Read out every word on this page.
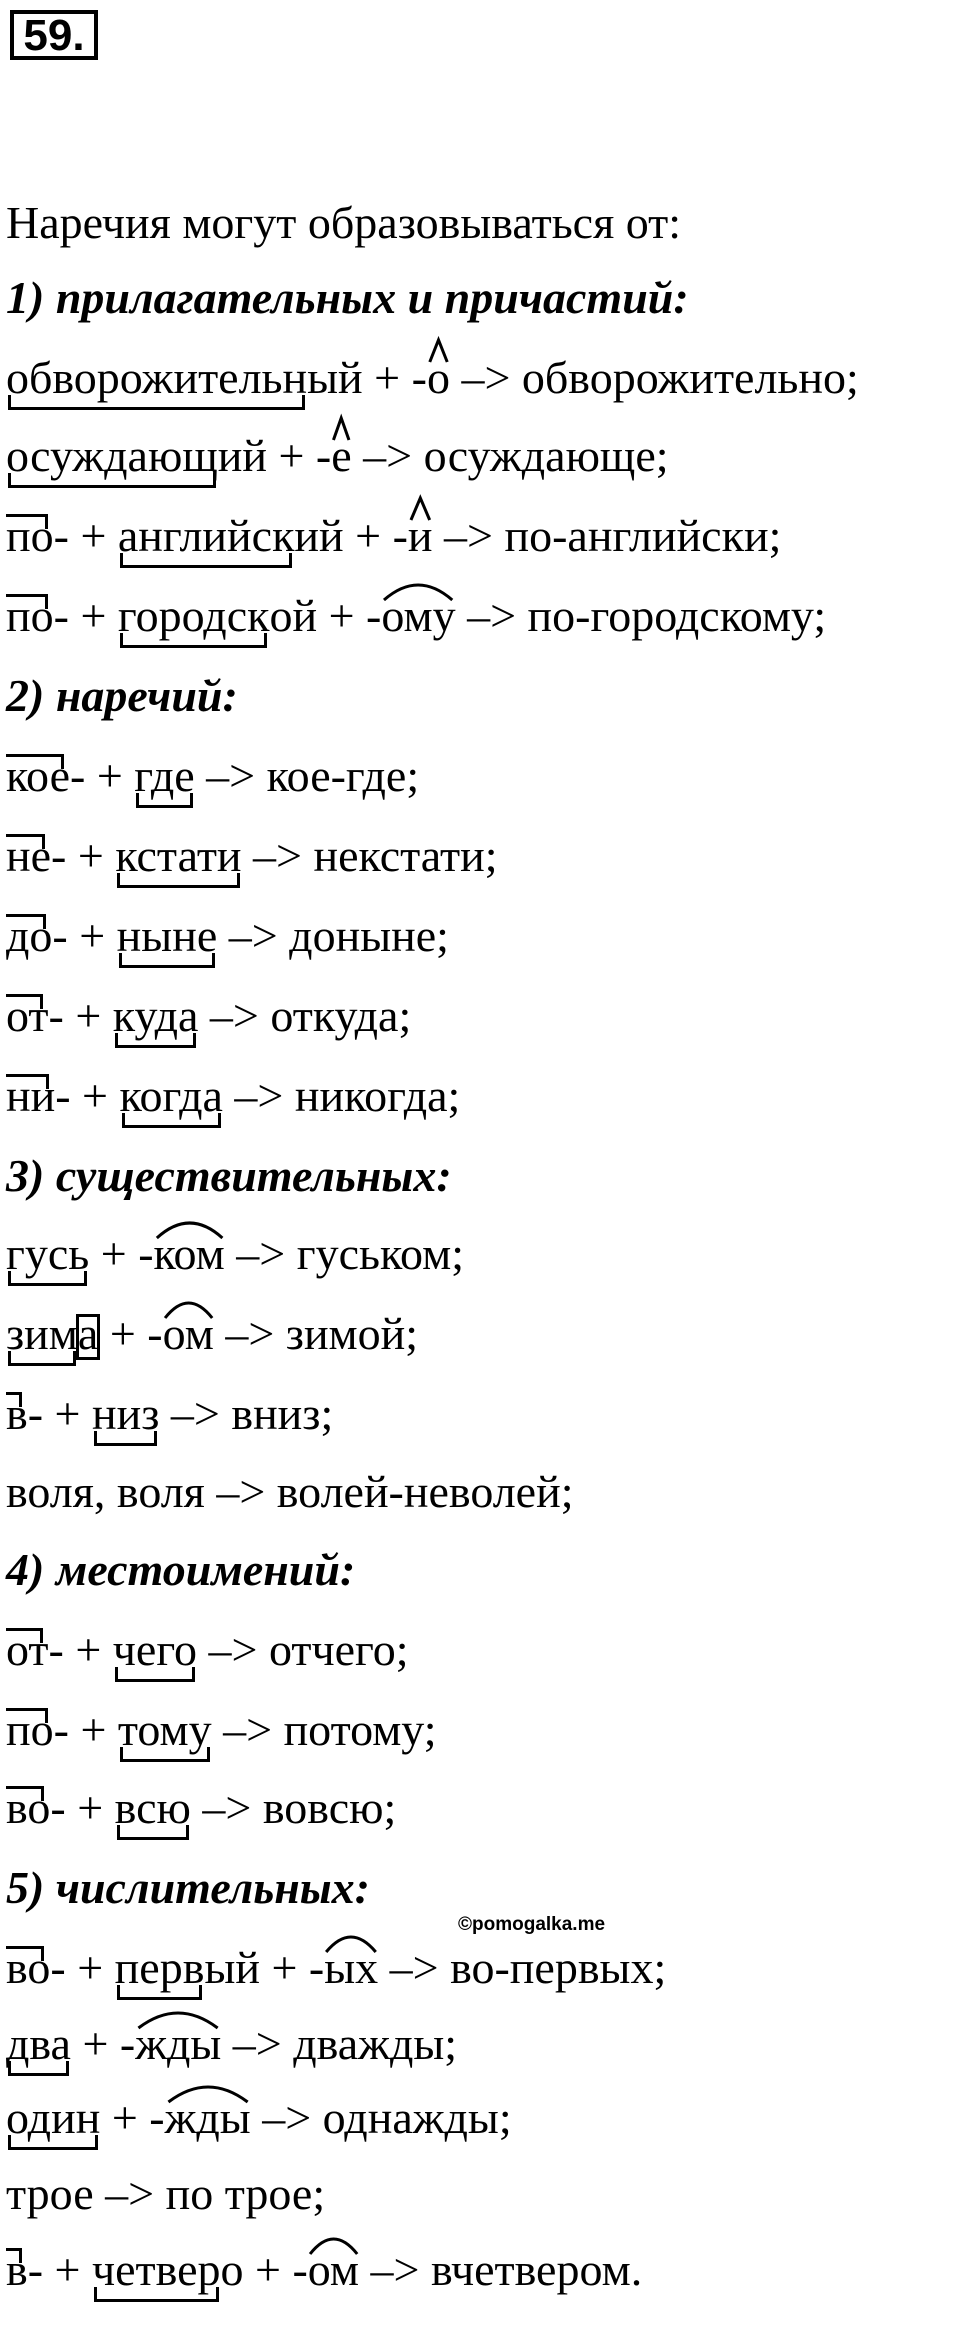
59.
Наречия могут образовываться от:
1) прилагательных и причастий:
обворожительный + -о
–> обворожительно;
осуждающий + -е
–> осуждающе;
по- + английский + -и
–> по-английски;
по- + городской + -ому
–> по-городскому;
2) наречий:
кое- + где –> кое-где;
не- + кстати –> некстати;
до- + ныне –> доныне;
от- + куда –> откуда;
ни- + когда –> никогда;
3) существительных:
гусь + -ком
–> гуськом;
зима + -ом
–> зимой;
в- + низ –> вниз;
воля, воля –> волей-неволей;
4) местоимений:
от- + чего –> отчего;
по- + тому –> потому;
во- + всю –> вовсю;
5) числительных:
во- + первый + -ых
–> во-первых;
два + -жды
–> дважды;
один + -жды
–> однажды;
трое –> по трое;
в- + четверо + -ом
–> вчетвером.
©pomogalka.me
